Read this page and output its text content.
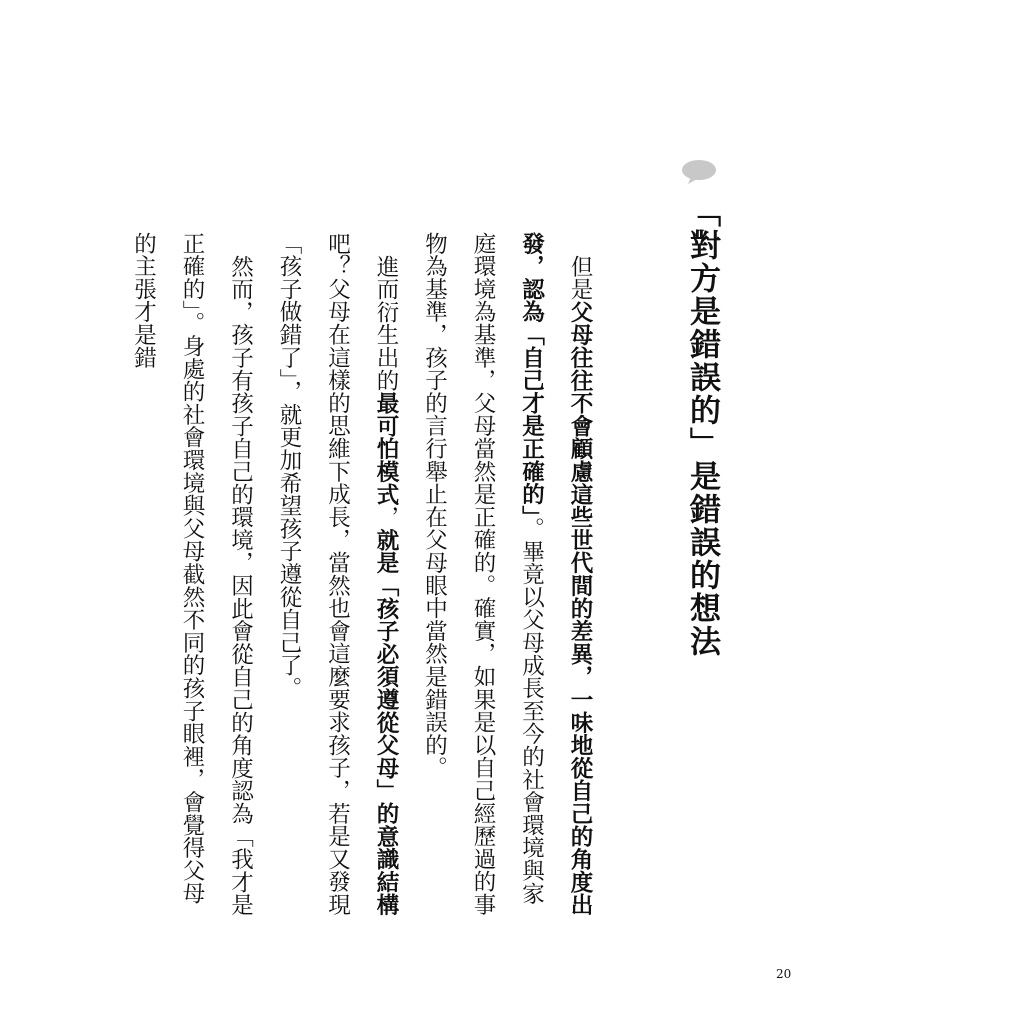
「對方是錯誤的」是錯誤的想法

但是父母往往不會顧慮這些世代間的差異，一味地從自己的角度出發，認為「自己才是正確的」。畢竟以父母成長至今的社會環境與家庭環境為基準，父母當然是正確的。確實，如果是以自己經歷過的事物為基準，孩子的言行舉止在父母眼中當然是錯誤的。

進而衍生出的最可怕模式，就是「孩子必須遵從父母」的意識結構吧？父母在這樣的思維下成長，當然也會這麼要求孩子，若是又發現「孩子做錯了」，就更加希望孩子遵從自己了。

然而，孩子有孩子自己的環境，因此會從自己的角度認為「我才是正確的」。身處的社會環境與父母截然不同的孩子眼裡，會覺得父母的主張才是錯

20
